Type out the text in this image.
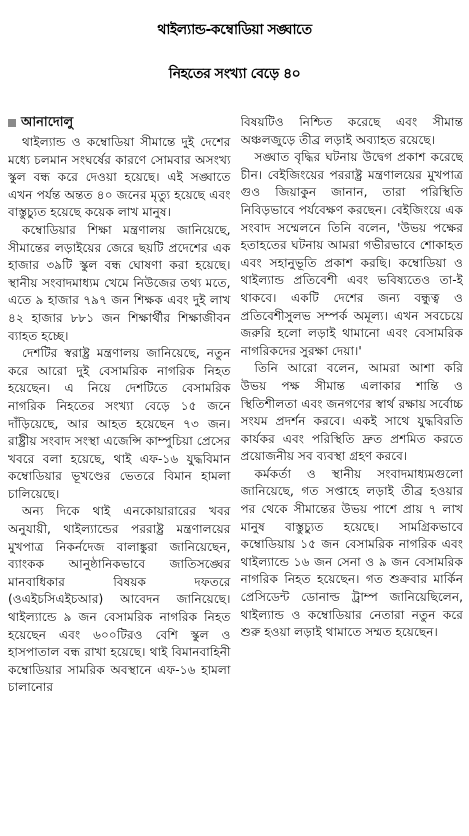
থাইল্যান্ড-কম্বোডিয়া সঙ্ঘাতে
নিহতের সংখ্যা বেড়ে ৪০
আনাদোলু

থাইল্যান্ড ও কম্বোডিয়া সীমান্তে দুই দেশের মধ্যে চলমান সংঘর্ষের কারণে সোমবার অসংখ্য স্কুল বন্ধ করে দেওয়া হয়েছে। এই সঙ্ঘাতে এখন পর্যন্ত অন্তত ৪০ জনের মৃত্যু হয়েছে এবং বাস্তুচ্যুত হয়েছে কয়েক লাখ মানুষ।

কম্বোডিয়ার শিক্ষা মন্ত্রণালয় জানিয়েছে, সীমান্তের লড়াইয়ের জেরে ছয়টি প্রদেশের এক হাজার ৩৯টি স্কুল বন্ধ ঘোষণা করা হয়েছে। স্থানীয় সংবাদমাধ্যম খেমে নিউজের তথ্য মতে, এতে ৯ হাজার ৭৯৭ জন শিক্ষক এবং দুই লাখ ৪২ হাজার ৮৮১ জন শিক্ষার্থীর শিক্ষাজীবন ব্যাহত হচ্ছে।

দেশটির স্বরাষ্ট্র মন্ত্রণালয় জানিয়েছে, নতুন করে আরো দুই বেসামরিক নাগরিক নিহত হয়েছেন। এ নিয়ে দেশটিতে বেসামরিক নাগরিক নিহতের সংখ্যা বেড়ে ১৫ জনে দাঁড়িয়েছে, আর আহত হয়েছেন ৭৩ জন। রাষ্ট্রীয় সংবাদ সংস্থা এজেন্সি কাম্পুচিয়া প্রেসের খবরে বলা হয়েছে, থাই এফ-১৬ যুদ্ধবিমান কম্বোডিয়ার ভূখণ্ডের ভেতরে বিমান হামলা চালিয়েছে।

অন্য দিকে থাই এনকোয়ারারের খবর অনুযায়ী, থাইল্যান্ডের পররাষ্ট্র মন্ত্রণালয়ের মুখপাত্র নিকর্নদেজ বালাঙ্কুরা জানিয়েছেন, ব্যাংকক আনুষ্ঠানিকভাবে জাতিসঙ্ঘের মানবাধিকার বিষয়ক দফতরে (ওএইচসিএইচআর) আবেদন জানিয়েছে। থাইল্যান্ডে ৯ জন বেসামরিক নাগরিক নিহত হয়েছেন এবং ৬০০টিরও বেশি স্কুল ও হাসপাতাল বন্ধ রাখা হয়েছে। থাই বিমানবাহিনী কম্বোডিয়ার সামরিক অবস্থানে এফ-১৬ হামলা চালানোর

বিষয়টিও নিশ্চিত করেছে এবং সীমান্ত অঞ্চলজুড়ে তীব্র লড়াই অব্যাহত রয়েছে।

সঙ্ঘাত বৃদ্ধির ঘটনায় উদ্বেগ প্রকাশ করেছে চীন। বেইজিংয়ের পররাষ্ট্র মন্ত্রণালয়ের মুখপাত্র গুও জিয়াকুন জানান, তারা পরিস্থিতি নিবিড়ভাবে পর্যবেক্ষণ করছেন। বেইজিংয়ে এক সংবাদ সম্মেলনে তিনি বলেন, 'উভয় পক্ষের হতাহতের ঘটনায় আমরা গভীরভাবে শোকাহত এবং সহানুভূতি প্রকাশ করছি। কম্বোডিয়া ও থাইল্যান্ড প্রতিবেশী এবং ভবিষ্যতেও তা-ই থাকবে। একটি দেশের জন্য বন্ধুত্ব ও প্রতিবেশীসুলভ সম্পর্ক অমূল্য। এখন সবচেয়ে জরুরি হলো লড়াই থামানো এবং বেসামরিক নাগরিকদের সুরক্ষা দেয়া।'

তিনি আরো বলেন, আমরা আশা করি উভয় পক্ষ সীমান্ত এলাকার শান্তি ও স্থিতিশীলতা এবং জনগণের স্বার্থ রক্ষায় সর্বোচ্চ সংযম প্রদর্শন করবে। একই সাথে যুদ্ধবিরতি কার্যকর এবং পরিস্থিতি দ্রুত প্রশমিত করতে প্রয়োজনীয় সব ব্যবস্থা গ্রহণ করবে।

কর্মকর্তা ও স্থানীয় সংবাদমাধ্যমগুলো জানিয়েছে, গত সপ্তাহে লড়াই তীব্র হওয়ার পর থেকে সীমান্তের উভয় পাশে প্রায় ৭ লাখ মানুষ বাস্তুচ্যুত হয়েছে। সামগ্রিকভাবে কম্বোডিয়ায় ১৫ জন বেসামরিক নাগরিক এবং থাইল্যান্ডে ১৬ জন সেনা ও ৯ জন বেসামরিক নাগরিক নিহত হয়েছেন। গত শুক্রবার মার্কিন প্রেসিডেন্ট ডোনাল্ড ট্রাম্প জানিয়েছিলেন, থাইল্যান্ড ও কম্বোডিয়ার নেতারা নতুন করে শুরু হওয়া লড়াই থামাতে সম্মত হয়েছেন।
